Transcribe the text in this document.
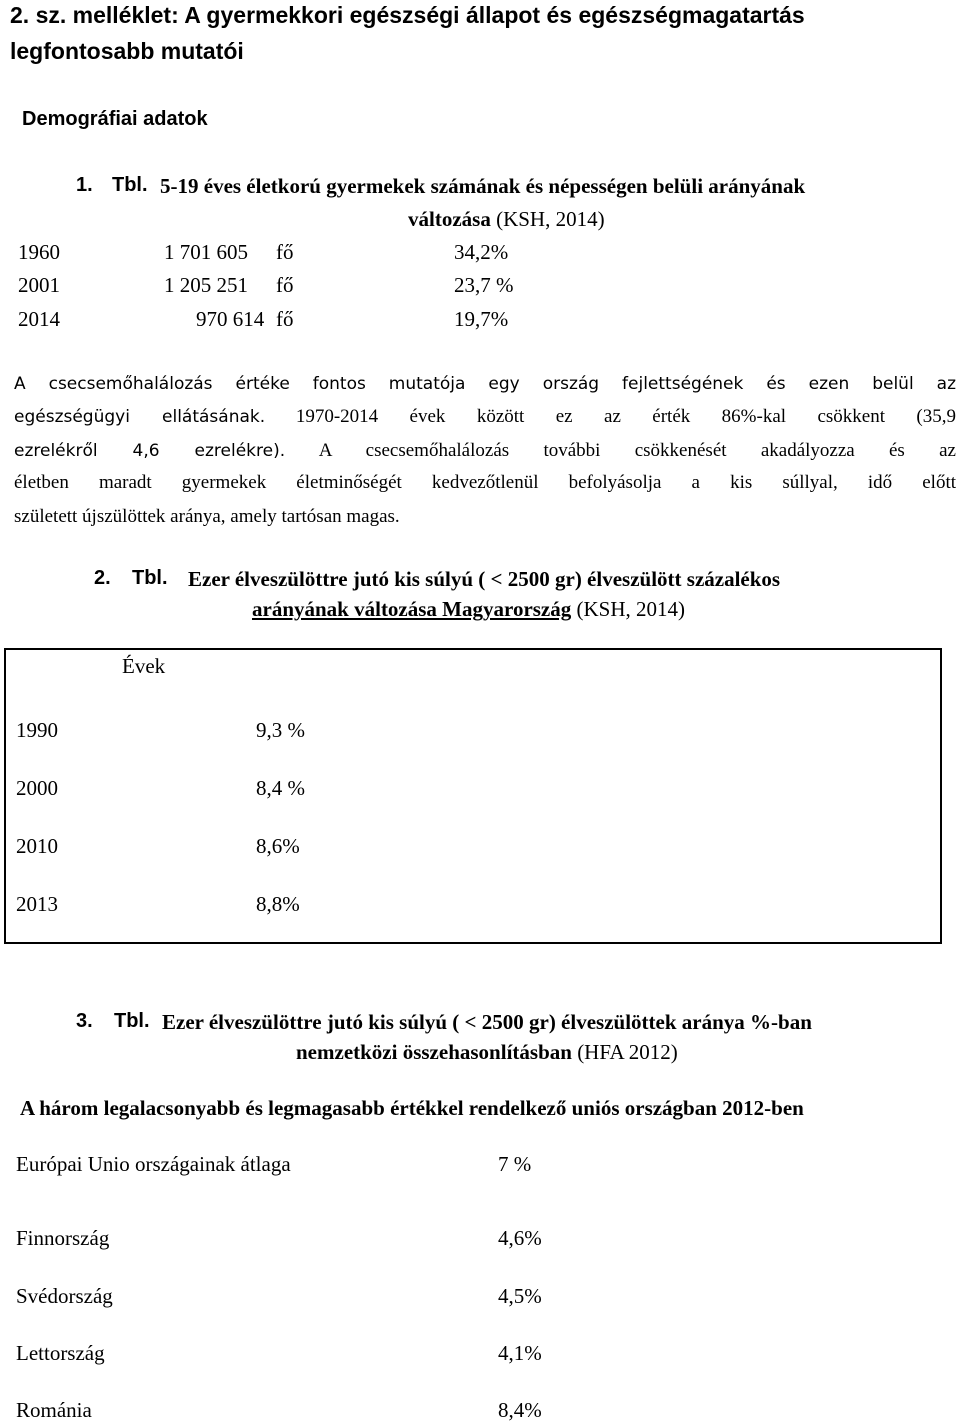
2. sz. melléklet: A gyermekkori egészségi állapot és egészségmagatartás
legfontosabb mutatói
Demográfiai adatok
1. Tbl. 5-19 éves életkorú gyermekek számának és népességen belüli arányának
változása (KSH, 2014)
1960	1 701 605 fő	34,2%
2001	1 205 251 fő	23,7 %
2014	970 614 fő	19,7%
A csecsemőhalálozás értéke fontos mutatója egy ország fejlettségének és ezen belül az
egészségügyi ellátásának. 1970-2014 évek között ez az érték 86%-kal csökkent (35,9
ezrelékről 4,6 ezrelékre). A csecsemőhalálozás további csökkenését akadályozza és az
életben maradt gyermekek életminőségét kedvezőtlenül befolyásolja a kis súllyal, idő előtt
született újszülöttek aránya, amely tartósan magas.
2. Tbl. Ezer élveszülöttre jutó kis súlyú ( < 2500 gr) élveszülött százalékos
arányának változása Magyarország (KSH, 2014)
Évek
1990	9,3 %
2000	8,4 %
2010	8,6%
2013	8,8%
3. Tbl. Ezer élveszülöttre jutó kis súlyú ( < 2500 gr) élveszülöttek aránya %-ban
nemzetközi összehasonlításban (HFA 2012)
A három legalacsonyabb és legmagasabb értékkel rendelkező uniós országban 2012-ben
Európai Unio országainak átlaga	7 %
Finnország	4,6%
Svédország	4,5%
Lettország	4,1%
Románia	8,4%
